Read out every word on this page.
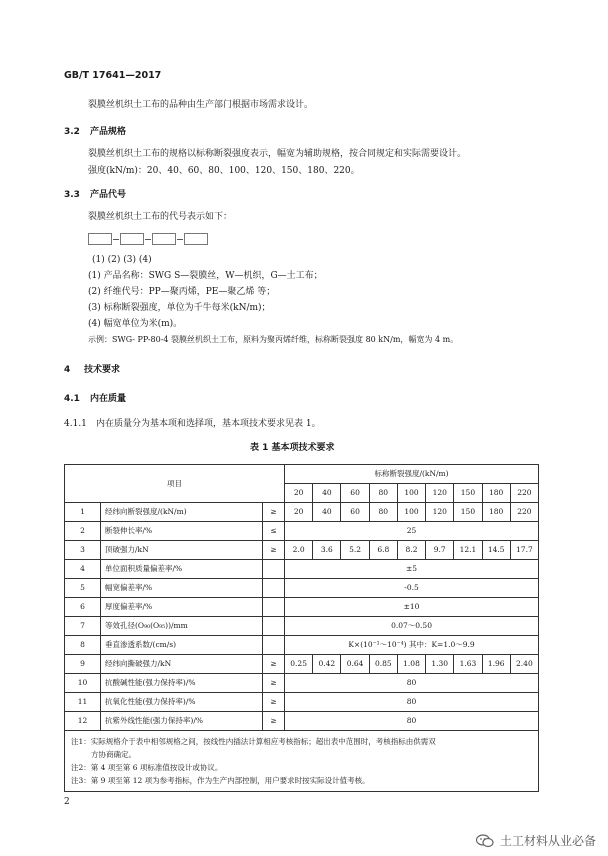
GB/T 17641—2017
裂膜丝机织土工布的品种由生产部门根据市场需求设计。
3.2 产品规格
裂膜丝机织土工布的规格以标称断裂强度表示，幅宽为辅助规格，按合同规定和实际需要设计。
强度(kN/m)：20、40、60、80、100、120、150、180、220。
3.3 产品代号
裂膜丝机织土工布的代号表示如下：
(1) (2) (3) (4)
(1) 产品名称：SWG S—裂膜丝，W—机织，G—土工布；
(2) 纤维代号：PP—聚丙烯，PE—聚乙烯 等；
(3) 标称断裂强度，单位为千牛每米(kN/m)；
(4) 幅宽单位为米(m)。
示例：SWG- PP-80-4 裂膜丝机织土工布，原料为聚丙烯纤维，标称断裂强度 80 kN/m，幅宽为 4 m。
4 技术要求
4.1 内在质量
4.1.1 内在质量分为基本项和选择项，基本项技术要求见表 1。
表 1 基本项技术要求
项目			标称断裂强度/(kN/m)								
			20	40	60	80	100	120	150	180	220
1	经纬向断裂强度/(kN/m)	≥	20	40	60	80	100	120	150	180	220
2	断裂伸长率/%	≤	25								
3	顶破强力/kN	≥	2.0	3.6	5.2	6.8	8.2	9.7	12.1	14.5	17.7
4	单位面积质量偏差率/%		±5								
5	幅宽偏差率/%		-0.5								
6	厚度偏差率/%		±10								
7	等效孔径(O₉₀(O₉₅))/mm		0.07～0.50								
8	垂直渗透系数/(cm/s)		K×(10⁻¹～10⁻⁴) 其中：K=1.0～9.9								
9	经纬向撕破强力/kN	≥	0.25	0.42	0.64	0.85	1.08	1.30	1.63	1.96	2.40
10	抗酸碱性能(强力保持率)/%	≥	80								
11	抗氧化性能(强力保持率)/%	≥	80								
12	抗紫外线性能(强力保持率)/%	≥	80								

注1：实际规格介于表中相邻规格之间，按线性内插法计算相应考核指标；超出表中范围时，考核指标由供需双
方协商确定。
注2：第 4 项至第 6 项标准值按设计或协议。
注3：第 9 项至第 12 项为参考指标，作为生产内部控制，用户要求时按实际设计值考核。											
2
土工材料从业必备
